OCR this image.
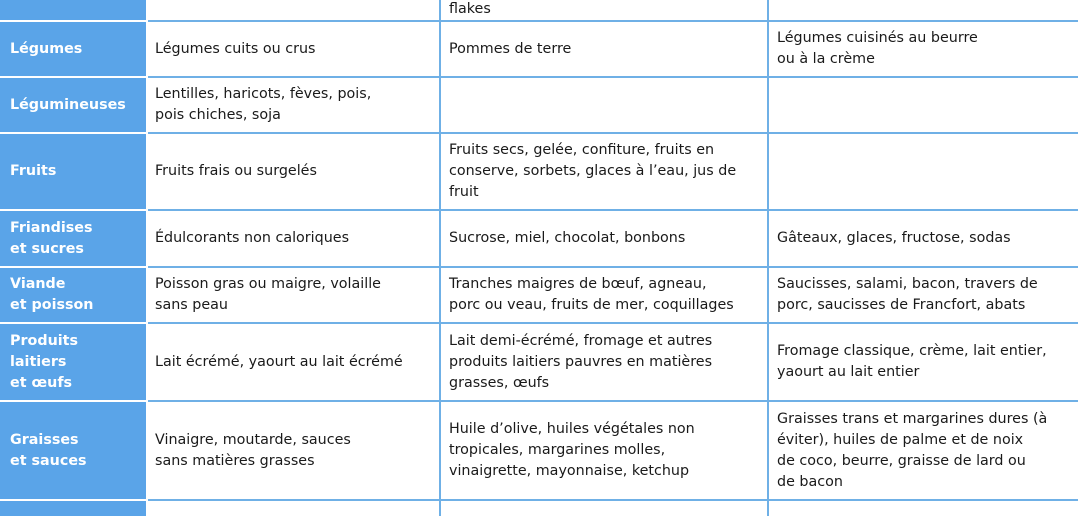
		flakes	
Légumes	Légumes cuits ou crus	Pommes de terre	Légumes cuisinés au beurre
ou à la crème
Légumineuses	Lentilles, haricots, fèves, pois,
pois chiches, soja		
Fruits	Fruits frais ou surgelés	Fruits secs, gelée, confiture, fruits en
conserve, sorbets, glaces à l’eau, jus de
fruit	
Friandises
et sucres	Édulcorants non caloriques	Sucrose, miel, chocolat, bonbons	Gâteaux, glaces, fructose, sodas
Viande
et poisson	Poisson gras ou maigre, volaille
sans peau	Tranches maigres de bœuf, agneau,
porc ou veau, fruits de mer, coquillages	Saucisses, salami, bacon, travers de
porc, saucisses de Francfort, abats
Produits laitiers
et œufs	Lait écrémé, yaourt au lait écrémé	Lait demi-écrémé, fromage et autres
produits laitiers pauvres en matières
grasses, œufs	Fromage classique, crème, lait entier,
yaourt au lait entier
Graisses
et sauces	Vinaigre, moutarde, sauces
sans matières grasses	Huile d’olive, huiles végétales non
tropicales, margarines molles,
vinaigrette, mayonnaise, ketchup	Graisses trans et margarines dures (à
éviter), huiles de palme et de noix
de coco, beurre, graisse de lard ou
de bacon
